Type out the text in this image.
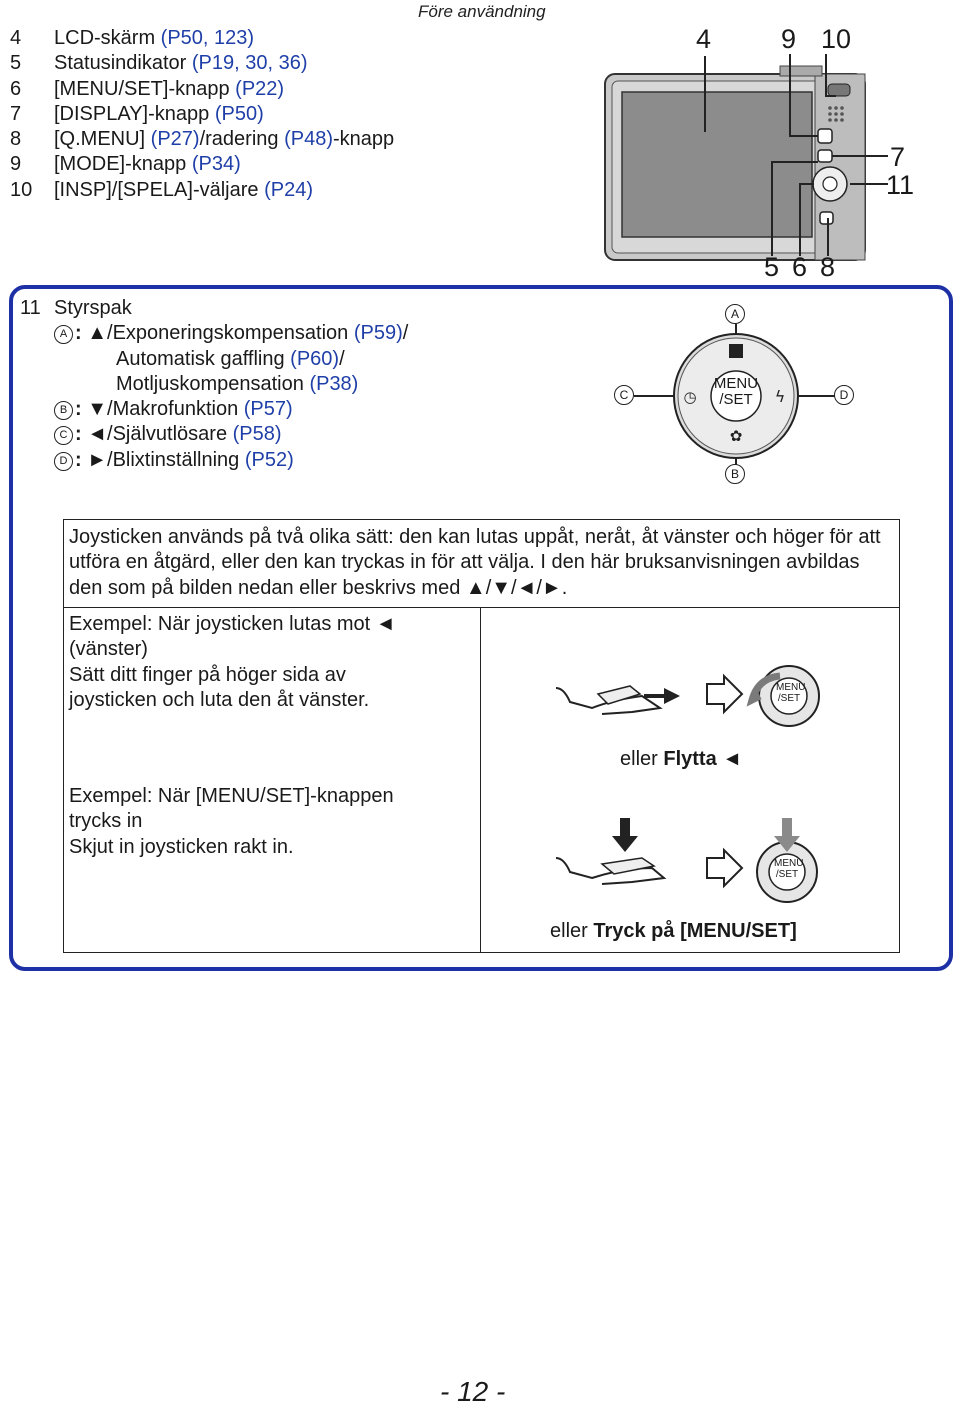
Före användning
4	LCD-skärm (P50, 123)
5	Statusindikator (P19, 30, 36)
6	[MENU/SET]-knapp (P22)
7	[DISPLAY]-knapp (P50)
8	[Q.MENU] (P27)/radering (P48)-knapp
9	[MODE]-knapp (P34)
10	[INSP]/[SPELA]-väljare (P24)
4	9 10
7
11
5 6 8
11 Styrspak
A : ▲/Exponeringskompensation (P59)/
Automatisk gaffling (P60)/
Motljuskompensation (P38)
B : ▼/Makrofunktion (P57)
C : ◄/Självutlösare (P58)
D : ►/Blixtinställning (P52)
✿
◷	ϟ
MENU
/SET
A
B
C	D
Joysticken används på två olika sätt: den kan lutas uppåt, neråt, åt vänster och höger för att utföra en åtgärd, eller den kan tryckas in för att välja. I den här bruksanvisningen avbildas den som på bilden nedan eller beskrivs med ▲/▼/◄/►.
Exempel: När joysticken lutas mot ◄
(vänster)
Sätt ditt finger på höger sida av
joysticken och luta den åt vänster.
MENU
/SET
eller Flytta ◄
Exempel: När [MENU/SET]-knappen
trycks in
Skjut in joysticken rakt in.
MENU
/SET
eller Tryck på [MENU/SET]
- 12 -
